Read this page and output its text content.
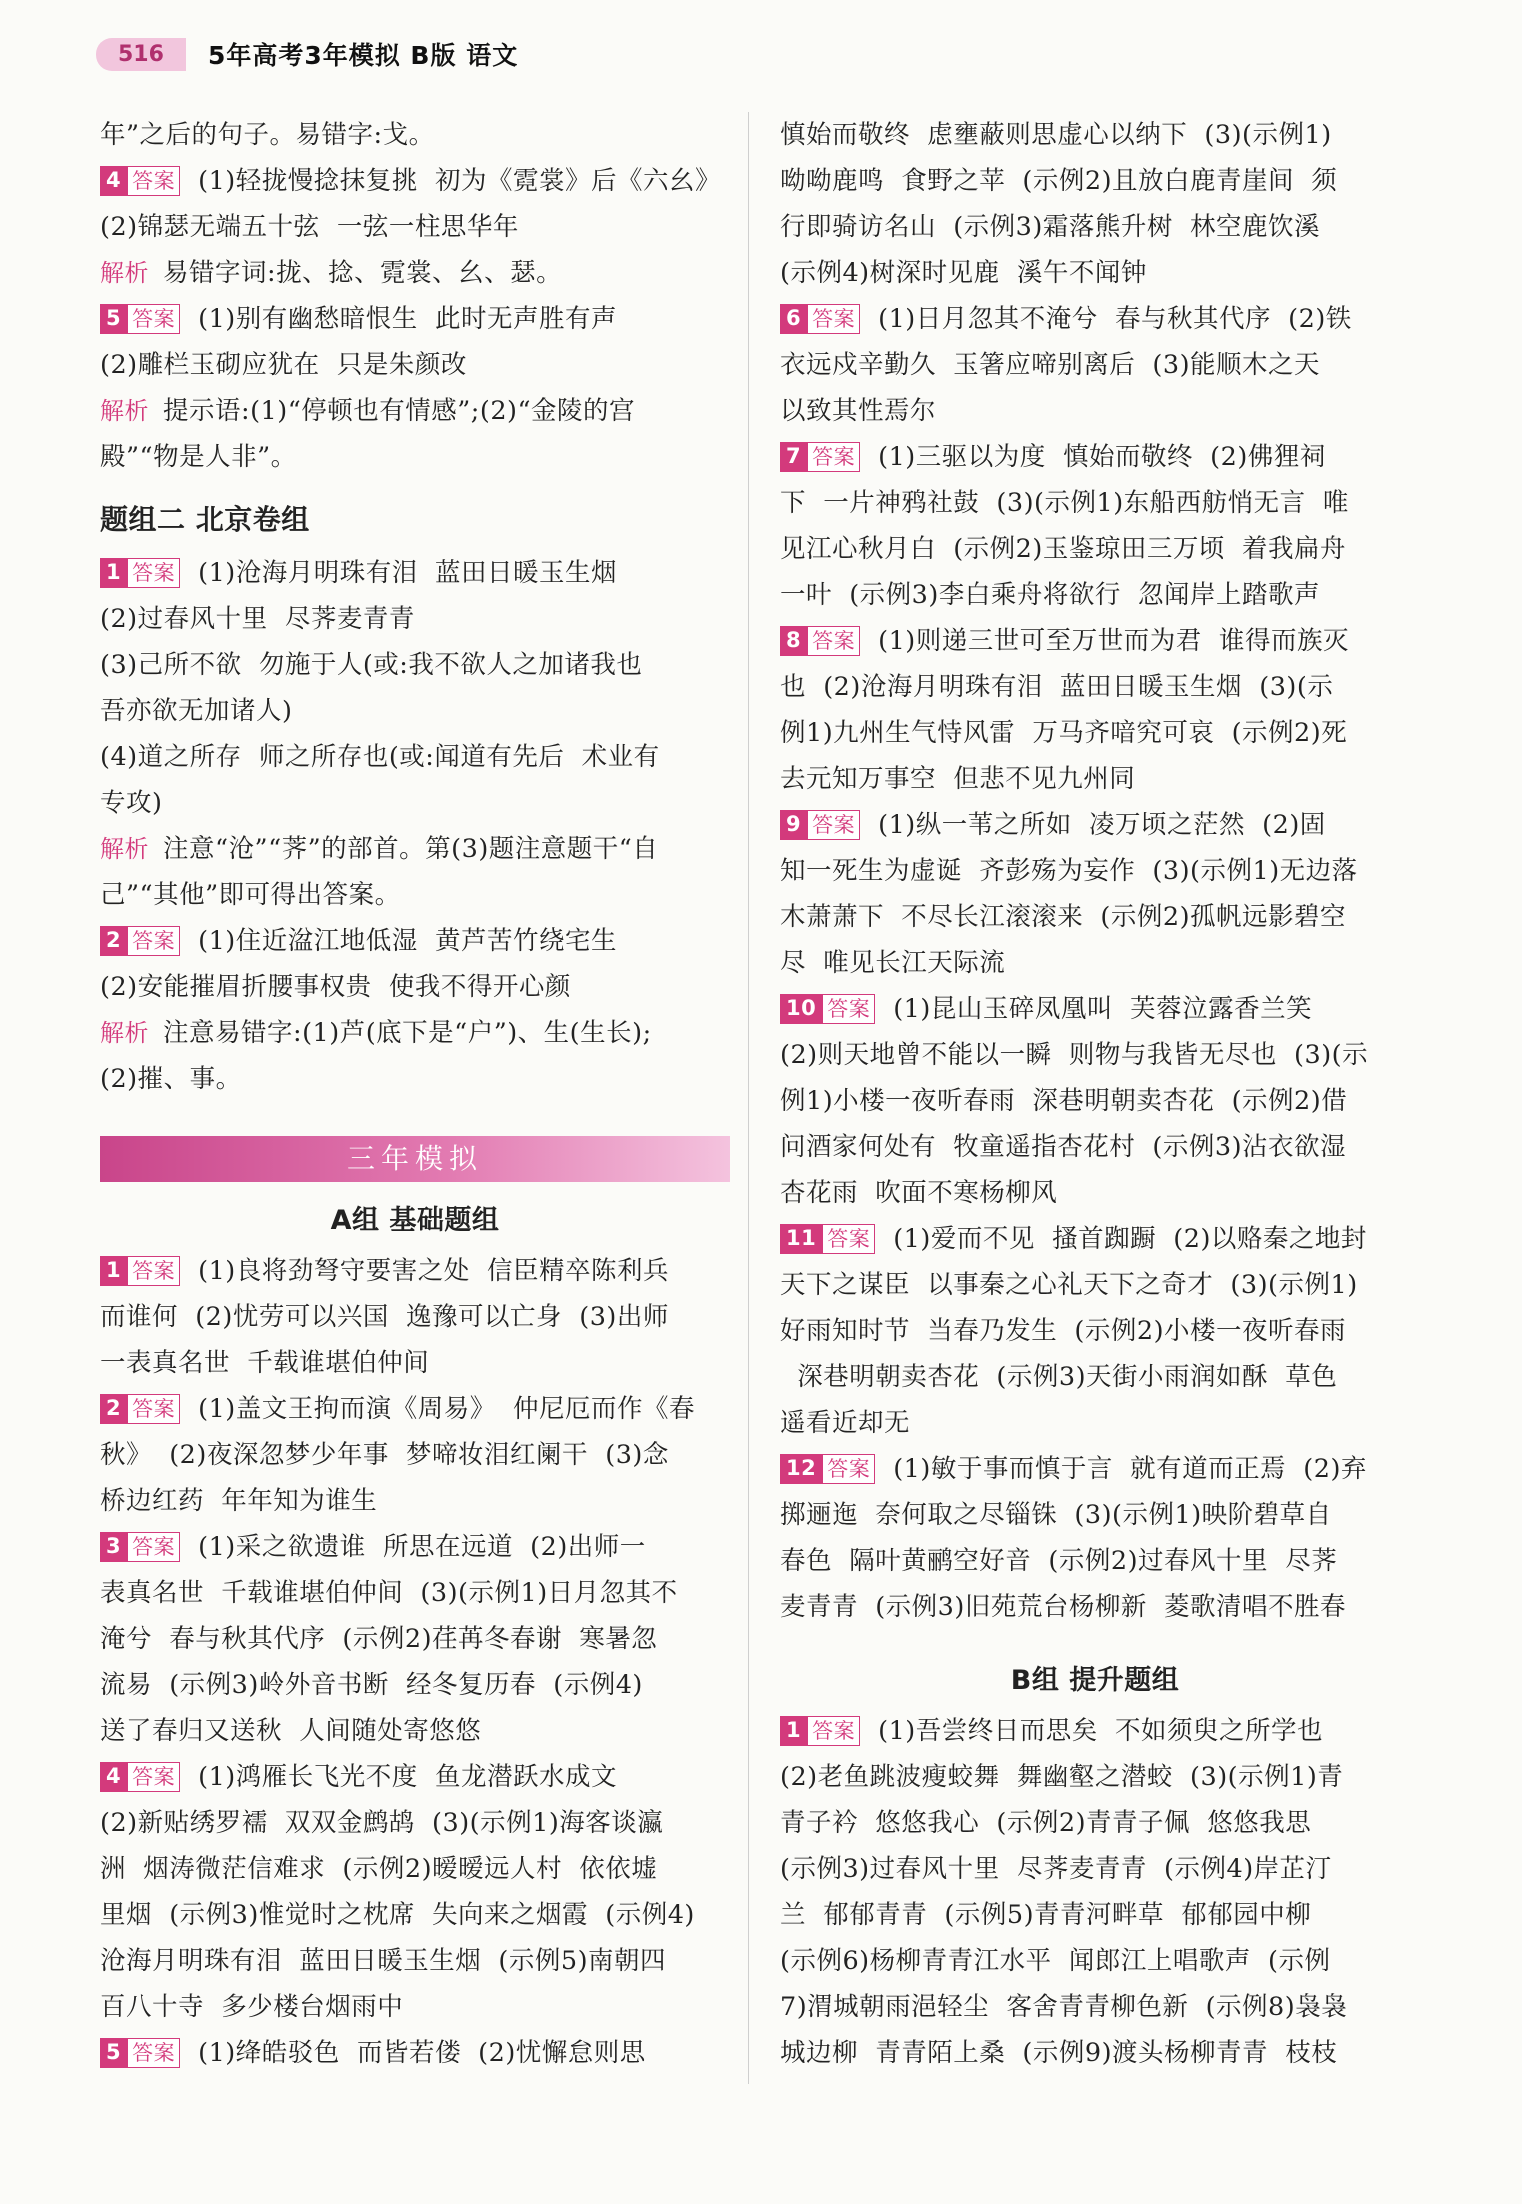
516	5年高考3年模拟 B版 语文
年”之后的句子。易错字:戈。
4 答案 (1)轻拢慢捻抹复挑  初为《霓裳》后《六幺》
(2)锦瑟无端五十弦  一弦一柱思华年
解析 易错字词:拢、捻、霓裳、幺、瑟。
5 答案 (1)别有幽愁暗恨生  此时无声胜有声
(2)雕栏玉砌应犹在  只是朱颜改
解析 提示语:(1)“停顿也有情感”;(2)“金陵的宫
殿”“物是人非”。
题组二 北京卷组
1 答案 (1)沧海月明珠有泪  蓝田日暖玉生烟
(2)过春风十里  尽荠麦青青
(3)己所不欲  勿施于人(或:我不欲人之加诸我也
吾亦欲无加诸人)
(4)道之所存  师之所存也(或:闻道有先后  术业有
专攻)
解析 注意“沧”“荠”的部首。第(3)题注意题干“自
己”“其他”即可得出答案。
2 答案 (1)住近湓江地低湿  黄芦苦竹绕宅生
(2)安能摧眉折腰事权贵  使我不得开心颜
解析 注意易错字:(1)芦(底下是“户”)、生(生长);
(2)摧、事。
三年模拟
A组 基础题组
1 答案 (1)良将劲弩守要害之处  信臣精卒陈利兵
而谁何  (2)忧劳可以兴国  逸豫可以亡身  (3)出师
一表真名世  千载谁堪伯仲间
2 答案 (1)盖文王拘而演《周易》  仲尼厄而作《春
秋》  (2)夜深忽梦少年事  梦啼妆泪红阑干  (3)念
桥边红药  年年知为谁生
3 答案 (1)采之欲遗谁  所思在远道  (2)出师一
表真名世  千载谁堪伯仲间  (3)(示例1)日月忽其不
淹兮  春与秋其代序  (示例2)荏苒冬春谢  寒暑忽
流易  (示例3)岭外音书断  经冬复历春  (示例4)
送了春归又送秋  人间随处寄悠悠
4 答案 (1)鸿雁长飞光不度  鱼龙潜跃水成文
(2)新贴绣罗襦  双双金鹧鸪  (3)(示例1)海客谈瀛
洲  烟涛微茫信难求  (示例2)暧暧远人村  依依墟
里烟  (示例3)惟觉时之枕席  失向来之烟霞  (示例4)
沧海月明珠有泪  蓝田日暖玉生烟  (示例5)南朝四
百八十寺  多少楼台烟雨中
5 答案 (1)绛皓驳色  而皆若偻  (2)忧懈怠则思
慎始而敬终  虑壅蔽则思虚心以纳下  (3)(示例1)
呦呦鹿鸣  食野之苹  (示例2)且放白鹿青崖间  须
行即骑访名山  (示例3)霜落熊升树  林空鹿饮溪
(示例4)树深时见鹿  溪午不闻钟
6 答案 (1)日月忽其不淹兮  春与秋其代序  (2)铁
衣远戍辛勤久  玉箸应啼别离后  (3)能顺木之天
以致其性焉尔
7 答案 (1)三驱以为度  慎始而敬终  (2)佛狸祠
下  一片神鸦社鼓  (3)(示例1)东船西舫悄无言  唯
见江心秋月白  (示例2)玉鉴琼田三万顷  着我扁舟
一叶  (示例3)李白乘舟将欲行  忽闻岸上踏歌声
8 答案 (1)则递三世可至万世而为君  谁得而族灭
也  (2)沧海月明珠有泪  蓝田日暖玉生烟  (3)(示
例1)九州生气恃风雷  万马齐喑究可哀  (示例2)死
去元知万事空  但悲不见九州同
9 答案 (1)纵一苇之所如  凌万顷之茫然  (2)固
知一死生为虚诞  齐彭殇为妄作  (3)(示例1)无边落
木萧萧下  不尽长江滚滚来  (示例2)孤帆远影碧空
尽  唯见长江天际流
10 答案 (1)昆山玉碎凤凰叫  芙蓉泣露香兰笑
(2)则天地曾不能以一瞬  则物与我皆无尽也  (3)(示
例1)小楼一夜听春雨  深巷明朝卖杏花  (示例2)借
问酒家何处有  牧童遥指杏花村  (示例3)沾衣欲湿
杏花雨  吹面不寒杨柳风
11 答案 (1)爱而不见  搔首踟蹰  (2)以赂秦之地封
天下之谋臣  以事秦之心礼天下之奇才  (3)(示例1)
好雨知时节  当春乃发生  (示例2)小楼一夜听春雨
深巷明朝卖杏花  (示例3)天街小雨润如酥  草色
遥看近却无
12 答案 (1)敏于事而慎于言  就有道而正焉  (2)弃
掷逦迤  奈何取之尽锱铢  (3)(示例1)映阶碧草自
春色  隔叶黄鹂空好音  (示例2)过春风十里  尽荠
麦青青  (示例3)旧苑荒台杨柳新  菱歌清唱不胜春
B组 提升题组
1 答案 (1)吾尝终日而思矣  不如须臾之所学也
(2)老鱼跳波瘦蛟舞  舞幽壑之潜蛟  (3)(示例1)青
青子衿  悠悠我心  (示例2)青青子佩  悠悠我思
(示例3)过春风十里  尽荠麦青青  (示例4)岸芷汀
兰  郁郁青青  (示例5)青青河畔草  郁郁园中柳
(示例6)杨柳青青江水平  闻郎江上唱歌声  (示例
7)渭城朝雨浥轻尘  客舍青青柳色新  (示例8)袅袅
城边柳  青青陌上桑  (示例9)渡头杨柳青青  枝枝
